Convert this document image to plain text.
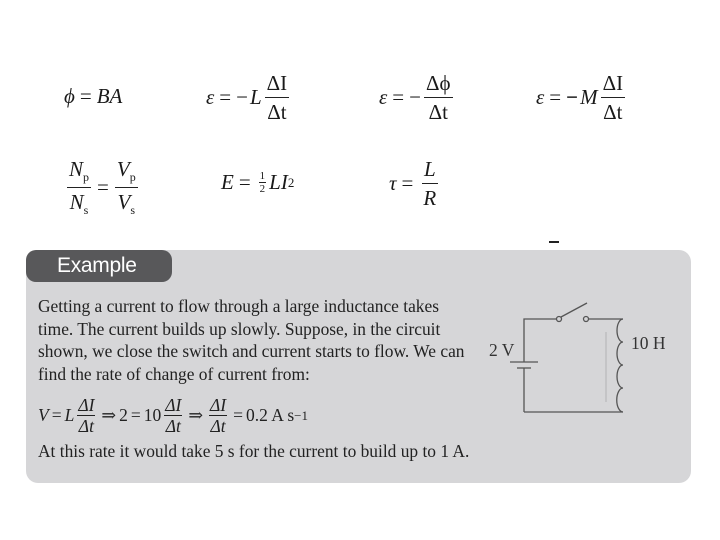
ϕ = BA	ε = − L $\frac{\Delta I}{\Delta t}$	ε = − $\frac{\Delta\phi}{\Delta t}$	ε = − M $\frac{\Delta I}{\Delta t}$
$\frac{N_p}{N_s} = \frac{V_p}{V_s}$	$E = \frac{1}{2}$ LI 2	$\tau = \frac{L}{R}$
Example

Getting a current to flow through a large inductance takes time. The current builds up slowly. Suppose, in the circuit shown, we close the switch and current starts to flow. We can find the rate of change of current from:

V = L $\frac{\Delta I}{\Delta t}$ ⇒ $2 = 10 \frac{\Delta I}{\Delta t}$ ⇒ $\frac{\Delta I}{\Delta t} = 0.2$ A s −1
At this rate it would take 5 s for the current to build up to 1 A.
2 V	10 H
